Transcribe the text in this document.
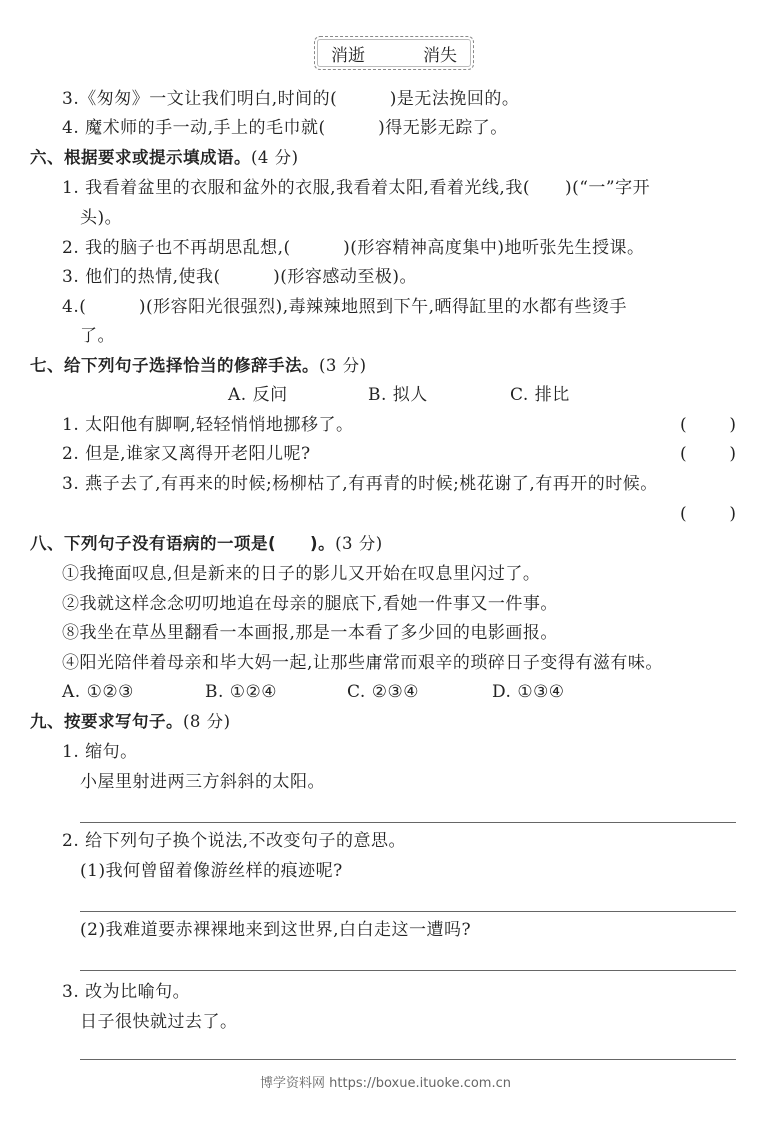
消逝	消失
3.《匆匆》一文让我们明白,时间的(　　　)是无法挽回的。
4. 魔术师的手一动,手上的毛巾就(　　　)得无影无踪了。
六、根据要求或提示填成语。(4 分)
1. 我看着盆里的衣服和盆外的衣服,我看着太阳,看着光线,我(　　)(“一”字开
头)。
2. 我的脑子也不再胡思乱想,(　　　)(形容精神高度集中)地听张先生授课。
3. 他们的热情,使我(　　　)(形容感动至极)。
4.(　　　)(形容阳光很强烈),毒辣辣地照到下午,晒得缸里的水都有些烫手
了。
七、给下列句子选择恰当的修辞手法。(3 分)
A. 反问	B. 拟人	C. 排比
1. 太阳他有脚啊,轻轻悄悄地挪移了。	(	)
2. 但是,谁家又离得开老阳儿呢?	(	)
3. 燕子去了,有再来的时候;杨柳枯了,有再青的时候;桃花谢了,有再开的时候。
(	)
八、下列句子没有语病的一项是(　　)。(3 分)
①我掩面叹息,但是新来的日子的影儿又开始在叹息里闪过了。
②我就这样念念叨叨地追在母亲的腿底下,看她一件事又一件事。
⑧我坐在草丛里翻看一本画报,那是一本看了多少回的电影画报。
④阳光陪伴着母亲和毕大妈一起,让那些庸常而艰辛的琐碎日子变得有滋有味。
A. ①②③	B. ①②④	C. ②③④	D. ①③④
九、按要求写句子。(8 分)
1. 缩句。
小屋里射进两三方斜斜的太阳。
2. 给下列句子换个说法,不改变句子的意思。
(1)我何曾留着像游丝样的痕迹呢?
(2)我难道要赤裸裸地来到这世界,白白走这一遭吗?
3. 改为比喻句。
日子很快就过去了。
博学资料网 https://boxue.ituoke.com.cn
